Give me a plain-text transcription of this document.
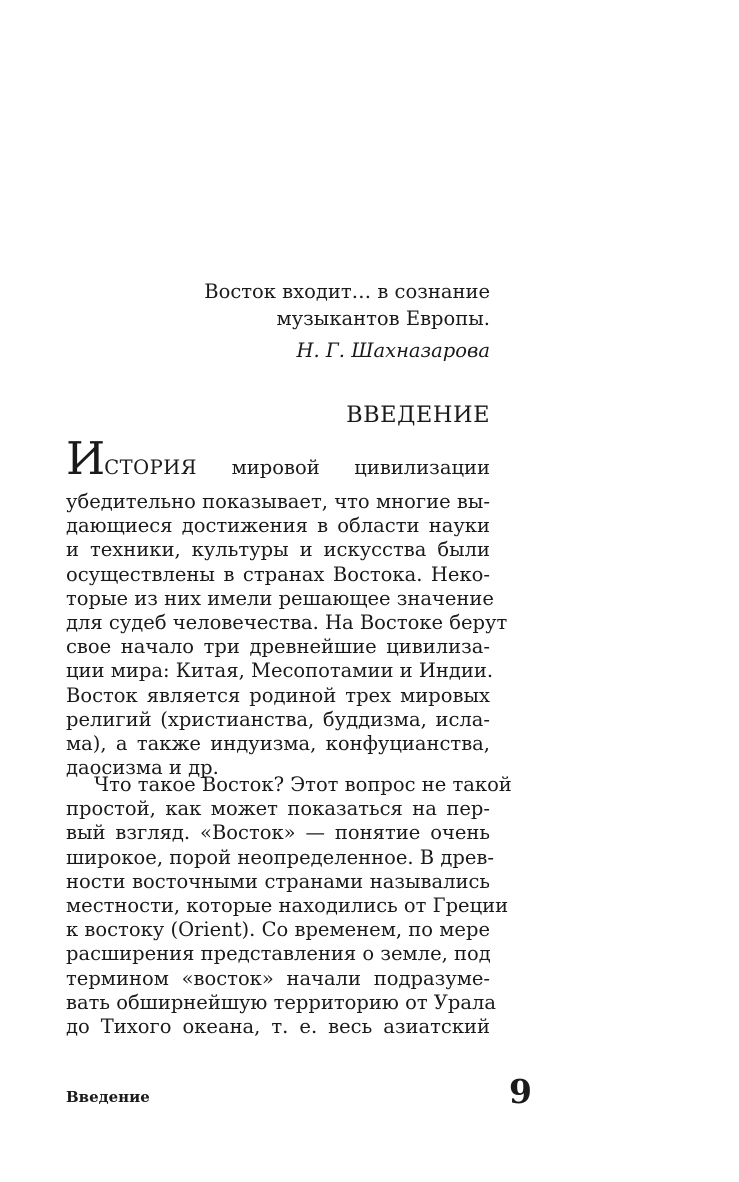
Восток входит… в сознание
музыкантов Европы.
Н. Г. Шахназарова
ВВЕДЕНИЕ
ИСТОРИЯ мировой цивилизации
Введение	9
убедительно показывает, что многие вы-
дающиеся достижения в области науки
и техники, культуры и искусства были
осуществлены в странах Востока. Неко-
торые из них имели решающее значение
для судеб человечества. На Востоке берут
свое начало три древнейшие цивилиза-
ции мира: Китая, Месопотамии и Индии.
Восток является родиной трех мировых
религий (христианства, буддизма, исла-
ма), а также индуизма, конфуцианства,
даосизма и др.
Что такое Восток? Этот вопрос не такой
простой, как может показаться на пер-
вый взгляд. «Восток» — понятие очень
широкое, порой неопределенное. В древ-
ности восточными странами назывались
местности, которые находились от Греции
к востоку (Orient). Со временем, по мере
расширения представления о земле, под
термином «восток» начали подразуме-
вать обширнейшую территорию от Урала
до Тихого океана, т. е. весь азиатский
